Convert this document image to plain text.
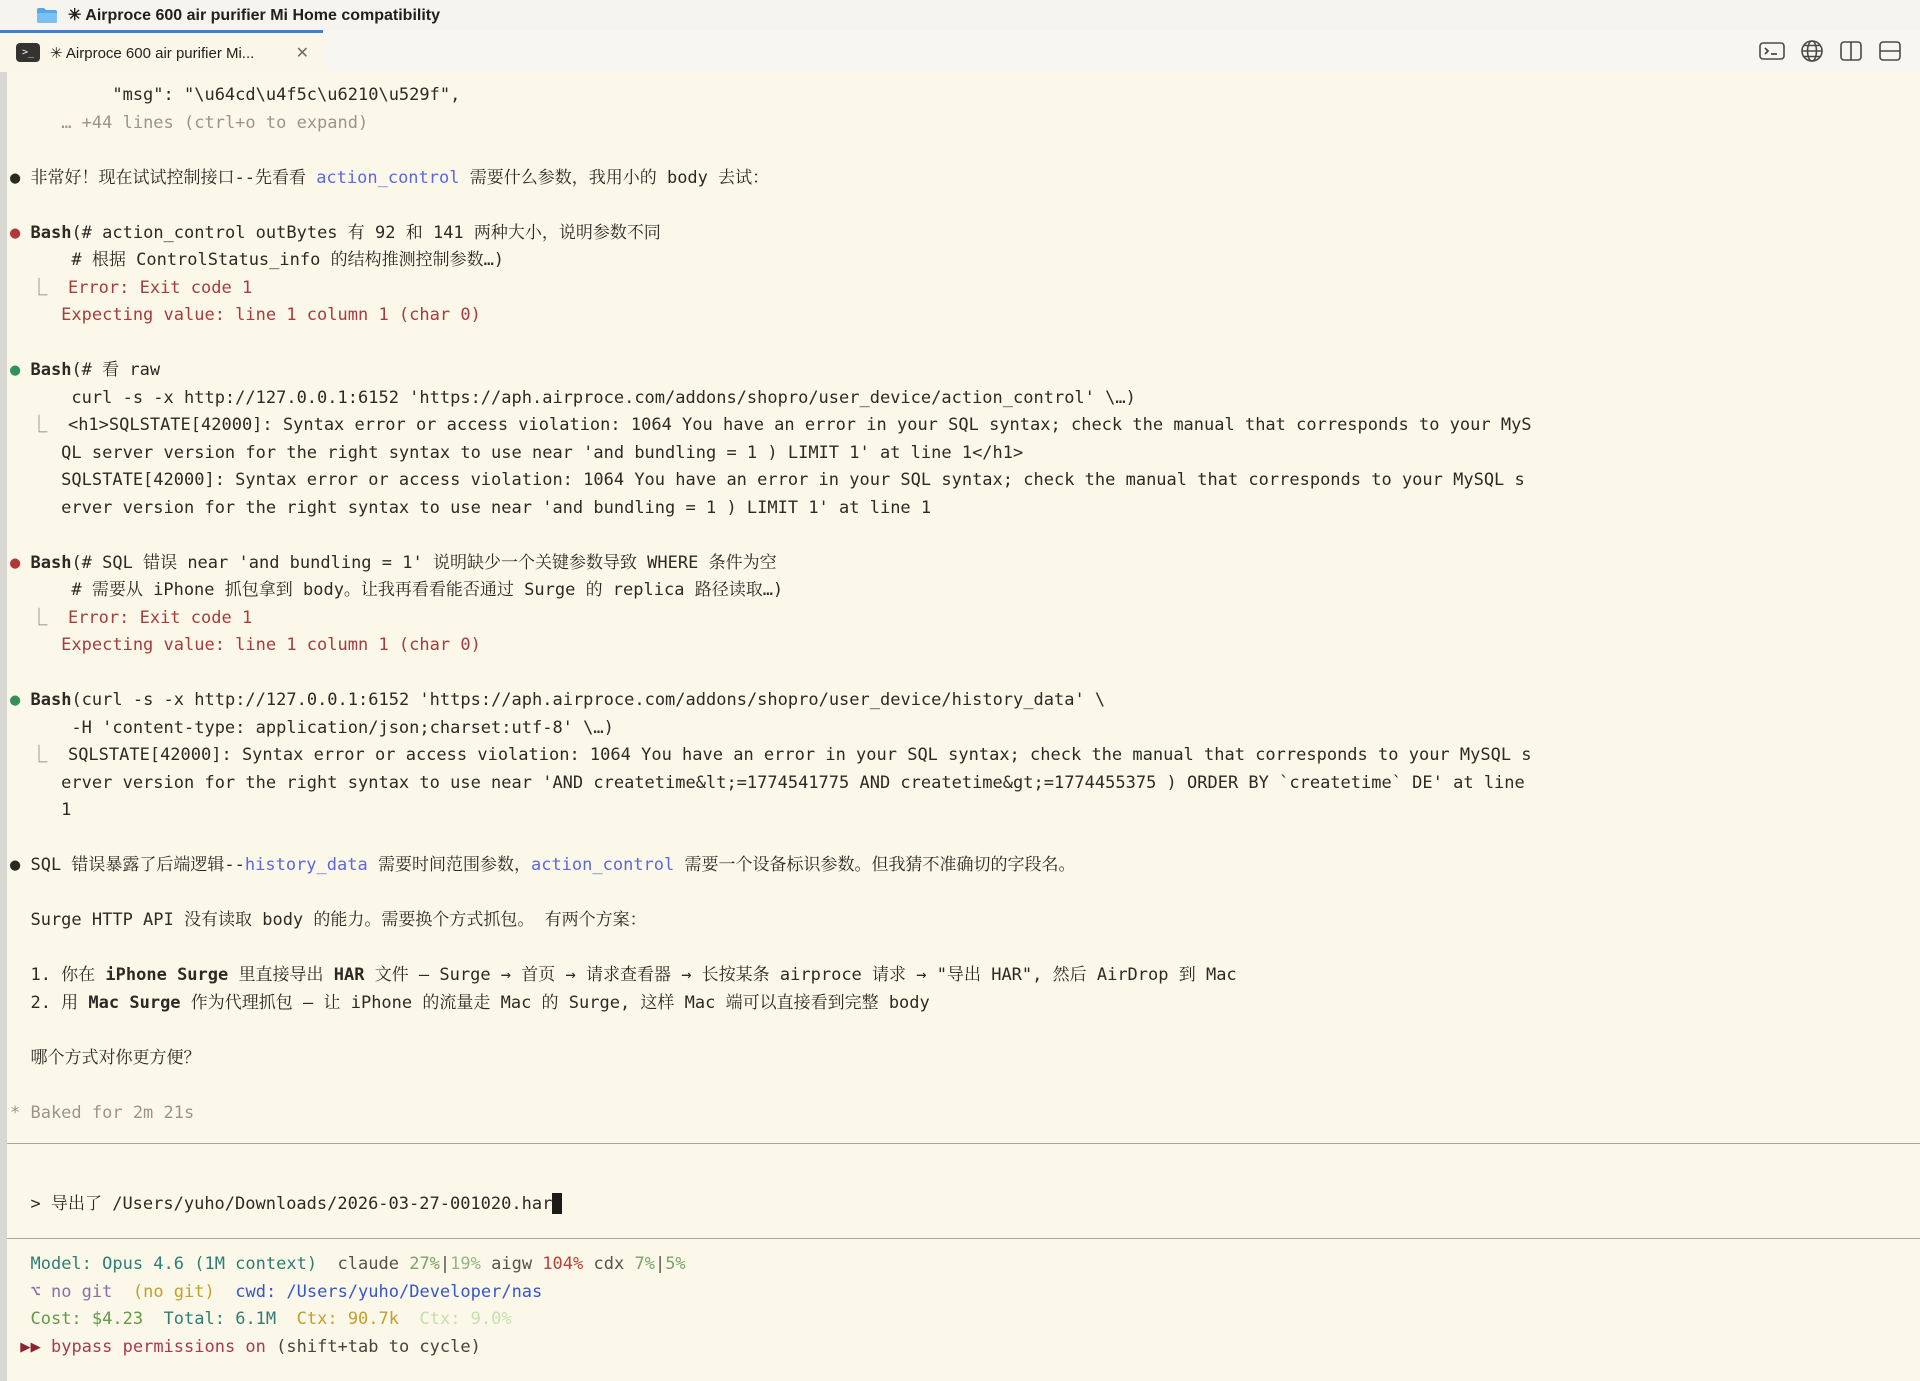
✳ Airproce 600 air purifier Mi Home compatibility
>_	✳ Airproce 600 air purifier Mi...	✕
"msg": "\u64cd\u4f5c\u6210\u529f",
… +44 lines (ctrl+o to expand)

● 非常好！现在试试控制接口--先看看 action_control 需要什么参数，我用小的 body 去试：

● Bash(# action_control outBytes 有 92 和 141 两种大小，说明参数不同
# 根据 ControlStatus_info 的结构推测控制参数…)
⎿  Error: Exit code 1
Expecting value: line 1 column 1 (char 0)

● Bash(# 看 raw
curl -s -x http://127.0.0.1:6152 'https://aph.airproce.com/addons/shopro/user_device/action_control' \…)
⎿  <h1>SQLSTATE[42000]: Syntax error or access violation: 1064 You have an error in your SQL syntax; check the manual that corresponds to your MyS
QL server version for the right syntax to use near 'and bundling = 1 ) LIMIT 1' at line 1</h1>
SQLSTATE[42000]: Syntax error or access violation: 1064 You have an error in your SQL syntax; check the manual that corresponds to your MySQL s
erver version for the right syntax to use near 'and bundling = 1 ) LIMIT 1' at line 1

● Bash(# SQL 错误 near 'and bundling = 1' 说明缺少一个关键参数导致 WHERE 条件为空
# 需要从 iPhone 抓包拿到 body。让我再看看能否通过 Surge 的 replica 路径读取…)
⎿  Error: Exit code 1
Expecting value: line 1 column 1 (char 0)

● Bash(curl -s -x http://127.0.0.1:6152 'https://aph.airproce.com/addons/shopro/user_device/history_data' \
-H 'content-type: application/json;charset:utf-8' \…)
⎿  SQLSTATE[42000]: Syntax error or access violation: 1064 You have an error in your SQL syntax; check the manual that corresponds to your MySQL s
erver version for the right syntax to use near 'AND createtime&lt;=1774541775 AND createtime&gt;=1774455375 ) ORDER BY `createtime` DE' at line
1

● SQL 错误暴露了后端逻辑--history_data 需要时间范围参数，action_control 需要一个设备标识参数。但我猜不准确切的字段名。

Surge HTTP API 没有读取 body 的能力。需要换个方式抓包。 有两个方案：

1. 你在 iPhone Surge 里直接导出 HAR 文件 – Surge → 首页 → 请求查看器 → 长按某条 airproce 请求 → "导出 HAR", 然后 AirDrop 到 Mac
2. 用 Mac Surge 作为代理抓包 – 让 iPhone 的流量走 Mac 的 Surge, 这样 Mac 端可以直接看到完整 body

哪个方式对你更方便？

* Baked for 2m 21s

> 导出了 /Users/yuho/Downloads/2026-03-27-001020.har

Model: Opus 4.6 (1M context) claude 27%|19% aigw 104% cdx 7%|5%
⌥ no git (no git) cwd: /Users/yuho/Developer/nas
Cost: $4.23 Total: 6.1M Ctx: 90.7k Ctx: 9.0%
▶▶ bypass permissions on (shift+tab to cycle)
